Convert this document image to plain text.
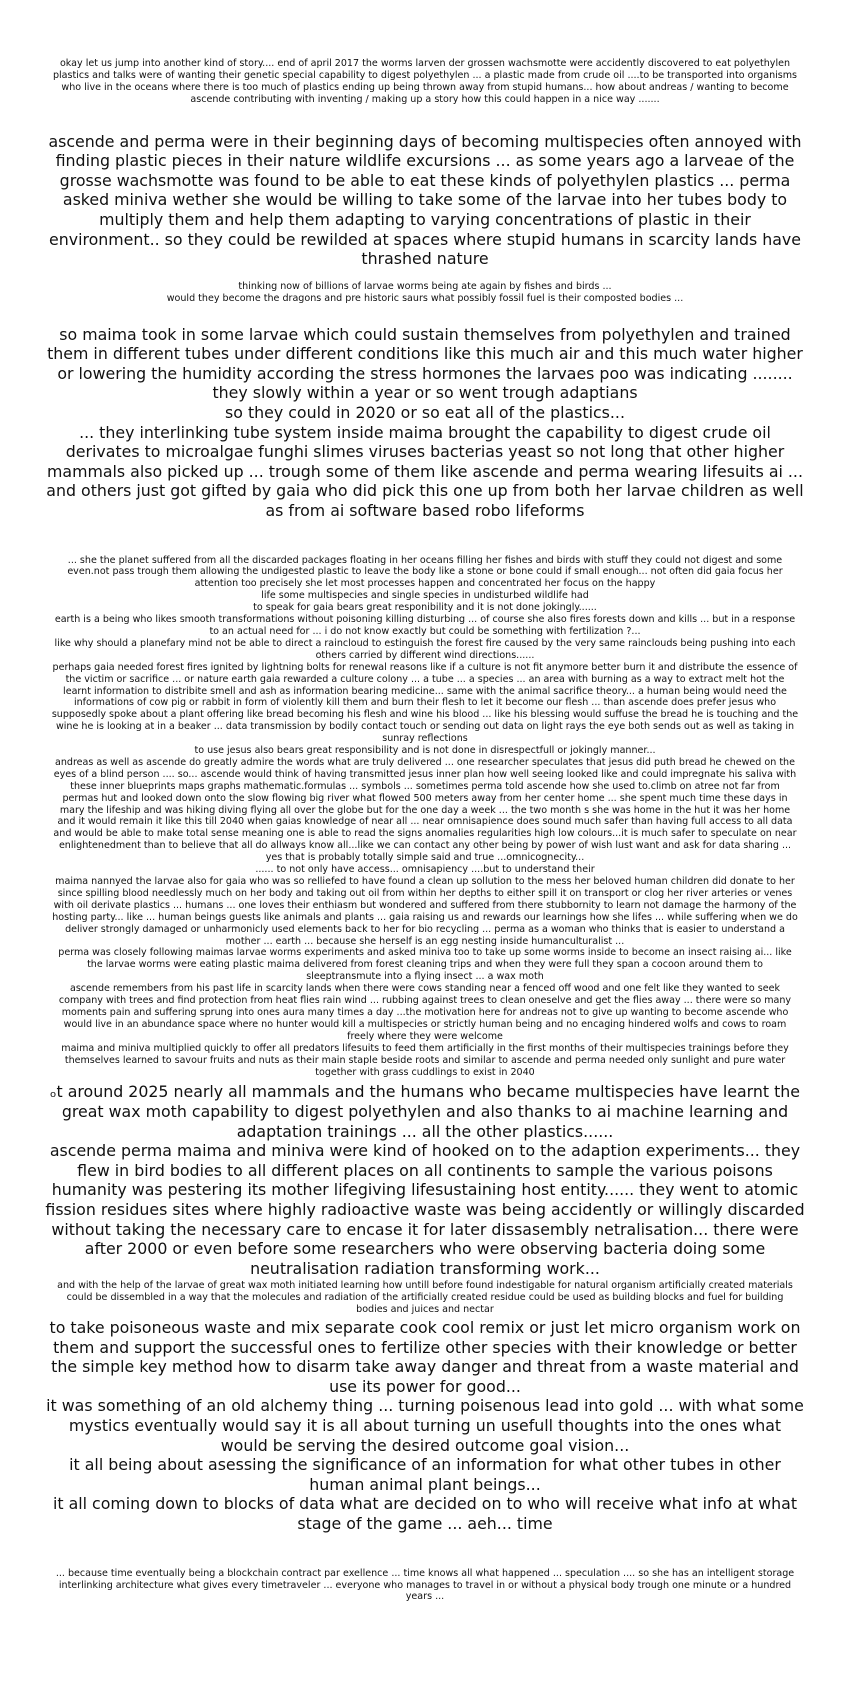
okay let us jump into another kind of story.... end of april 2017 the worms larven der grossen wachsmotte were accidently discovered to eat polyethylen plastics and talks were of wanting their genetic special capability to digest polyethylen ... a plastic made from crude oil ....to be transported into organisms who live in the oceans where there is too much of plastics ending up being thrown away from stupid humans... how about andreas / wanting to become ascende contributing with inventing / making up a story how this could happen in a nice way .......

ascende and perma were in their beginning days of becoming multispecies often annoyed with finding plastic pieces in their nature wildlife excursions ... as some years ago a larveae of the grosse wachsmotte was found to be able to eat these kinds of polyethylen plastics ... perma asked miniva wether she would be willing to take some of the larvae into her tubes body to multiply them and help them adapting to varying concentrations of plastic in their environment.. so they could be rewilded at spaces where stupid humans in scarcity lands have thrashed nature

thinking now of billions of larvae worms being ate again by fishes and birds ...

would they become the dragons and pre historic saurs what possibly fossil fuel is their composted bodies ...

so maima took in some larvae which could sustain themselves from polyethylen and trained them in different tubes under different conditions like this much air and this much water higher or lowering the humidity according the stress hormones the larvaes poo was indicating ........

they slowly within a year or so went trough adaptians

so they could in 2020 or so eat all of the plastics...

... they interlinking tube system inside maima brought the capability to digest crude oil derivates to microalgae funghi slimes viruses bacterias yeast so not long that other higher mammals also picked up ... trough some of them like ascende and perma wearing lifesuits ai ... and others just got gifted by gaia who did pick this one up from both her larvae children as well as from ai software based robo lifeforms

... she the planet suffered from all the discarded packages floating in her oceans filling her fishes and birds with stuff they could not digest and some even.not pass trough them allowing the undigested plastic to leave the body like a stone or bone could if small enough... not often did gaia focus her attention too precisely she let most processes happen and concentrated her focus on the happy

life some multispecies and single species in undisturbed wildlife had

to speak for gaia bears great responibility and it is not done jokingly......

earth is a being who likes smooth transformations without poisoning killing disturbing ... of course she also fires forests down and kills ... but in a response to an actual need for ... i do not know exactly but could be something with fertilization ?...

like why should a planefary mind not be able to direct a raincloud to estinguish the forest fire caused by the very same rainclouds being pushing into each others carried by different wind directions......

perhaps gaia needed forest fires ignited by lightning bolts for renewal reasons like if a culture is not fit anymore better burn it and distribute the essence of the victim or sacrifice ... or nature earth gaia rewarded a culture colony ... a tube ... a species ... an area with burning as a way to extract melt hot the learnt information to distribite smell and ash as information bearing medicine... same with the animal sacrifice theory... a human being would need the informations of cow pig or rabbit in form of violently kill them and burn their flesh to let it become our flesh ... than ascende does prefer jesus who supposedly spoke about a plant offering like bread becoming his flesh and wine his blood ... like his blessing would suffuse the bread he is touching and the wine he is looking at in a beaker ... data transmission by bodily contact touch or sending out data on light rays the eye both sends out as well as taking in sunray reflections

to use jesus also bears great responsibility and is not done in disrespectfull or jokingly manner...

andreas as well as ascende do greatly admire the words what are truly delivered ... one researcher speculates that jesus did puth bread he chewed on the eyes of a blind person .... so... ascende would think of having transmitted jesus inner plan how well seeing looked like and could impregnate his saliva with these inner blueprints maps graphs mathematic.formulas ... symbols ... sometimes perma told ascende how she used to.climb on atree not far from permas hut and looked down onto the slow flowing big river what flowed 500 meters away from her center home ... she spent much time these days in mary the lifeship and was hiking diving flying all over the globe but for the one day a week ... the two month s she was home in the hut it was her home and it would remain it like this till 2040 when gaias knowledge of near all ... near omnisapience does sound much safer than having full access to all data and would be able to make total sense meaning one is able to read the signs anomalies regularities high low colours...it is much safer to speculate on near enlightenedment than to believe that all do allways know all...like we can contact any other being by power of wish lust want and ask for data sharing ... yes that is probably totally simple said and true ...omnicognecity...

...... to not only have access... omnisapiency ....but to understand their

maima nannyed the larvae also for gaia who was so relliefed to have found a clean up sollution to the mess her beloved human children did donate to her since spilling blood needlessly much on her body and taking out oil from within her depths to either spill it on transport or clog her river arteries or venes with oil derivate plastics ... humans ... one loves their enthiasm but wondered and suffered from there stubbornity to learn not damage the harmony of the hosting party... like ... human beings guests like animals and plants ... gaia raising us and rewards our learnings how she lifes ... while suffering when we do deliver strongly damaged or unharmonicly used elements back to her for bio recycling ... perma as a woman who thinks that is easier to understand a mother ... earth ... because she herself is an egg nesting inside humanculturalist ...

perma was closely following maimas larvae worms experiments and asked miniva too to take up some worms inside to become an insect raising ai... like the larvae worms were eating plastic maima delivered from forest cleaning trips and when they were full they span a cocoon around them to sleeptransmute into a flying insect ... a wax moth

ascende remembers from his past life in scarcity lands when there were cows standing near a fenced off wood and one felt like they wanted to seek company with trees and find protection from heat flies rain wind ... rubbing against trees to clean oneselve and get the flies away ... there were so many moments pain and suffering sprung into ones aura many times a day ...the motivation here for andreas not to give up wanting to become ascende who would live in an abundance space where no hunter would kill a multispecies or strictly human being and no encaging hindered wolfs and cows to roam freely where they were welcome

maima and miniva multiplied quickly to offer all predators lifesuits to feed them artificially in the first months of their multispecies trainings before they themselves learned to savour fruits and nuts as their main staple beside roots and similar to ascende and perma needed only sunlight and pure water together with grass cuddlings to exist in 2040

ₒt around 2025 nearly all mammals and the humans who became multispecies have learnt the great wax moth capability to digest polyethylen and also thanks to ai machine learning and adaptation trainings ... all the other plastics......

ascende perma maima and miniva were kind of hooked on to the adaption experiments... they flew in bird bodies to all different places on all continents to sample the various poisons humanity was pestering its mother lifegiving lifesustaining host entity...... they went to atomic fission residues sites where highly radioactive waste was being accidently or willingly discarded without taking the necessary care to encase it for later dissasembly netralisation... there were after 2000 or even before some researchers who were observing bacteria doing some neutralisation radiation transforming work...

and with the help of the larvae of great wax moth initiated learning how untill before found indestigable for natural organism artificially created materials could be dissembled in a way that the molecules and radiation of the artificially created residue could be used as building blocks and fuel for building bodies and juices and nectar

to take poisoneous waste and mix separate cook cool remix or just let micro organism work on them and support the successful ones to fertilize other species with their knowledge or better the simple key method how to disarm take away danger and threat from a waste material and use its power for good...

it was something of an old alchemy thing ... turning poisenous lead into gold ... with what some mystics eventually would say it is all about turning un usefull thoughts into the ones what would be serving the desired outcome goal vision...

it all being about asessing the significance of an information for what other tubes in other human animal plant beings...

it all coming down to blocks of data what are decided on to who will receive what info at what stage of the game ... aeh... time

... because time eventually being a blockchain contract par exellence ... time knows all what happened ... speculation .... so she has an intelligent storage interlinking architecture what gives every timetraveler ... everyone who manages to travel in or without a physical body trough one minute or a hundred years ...
